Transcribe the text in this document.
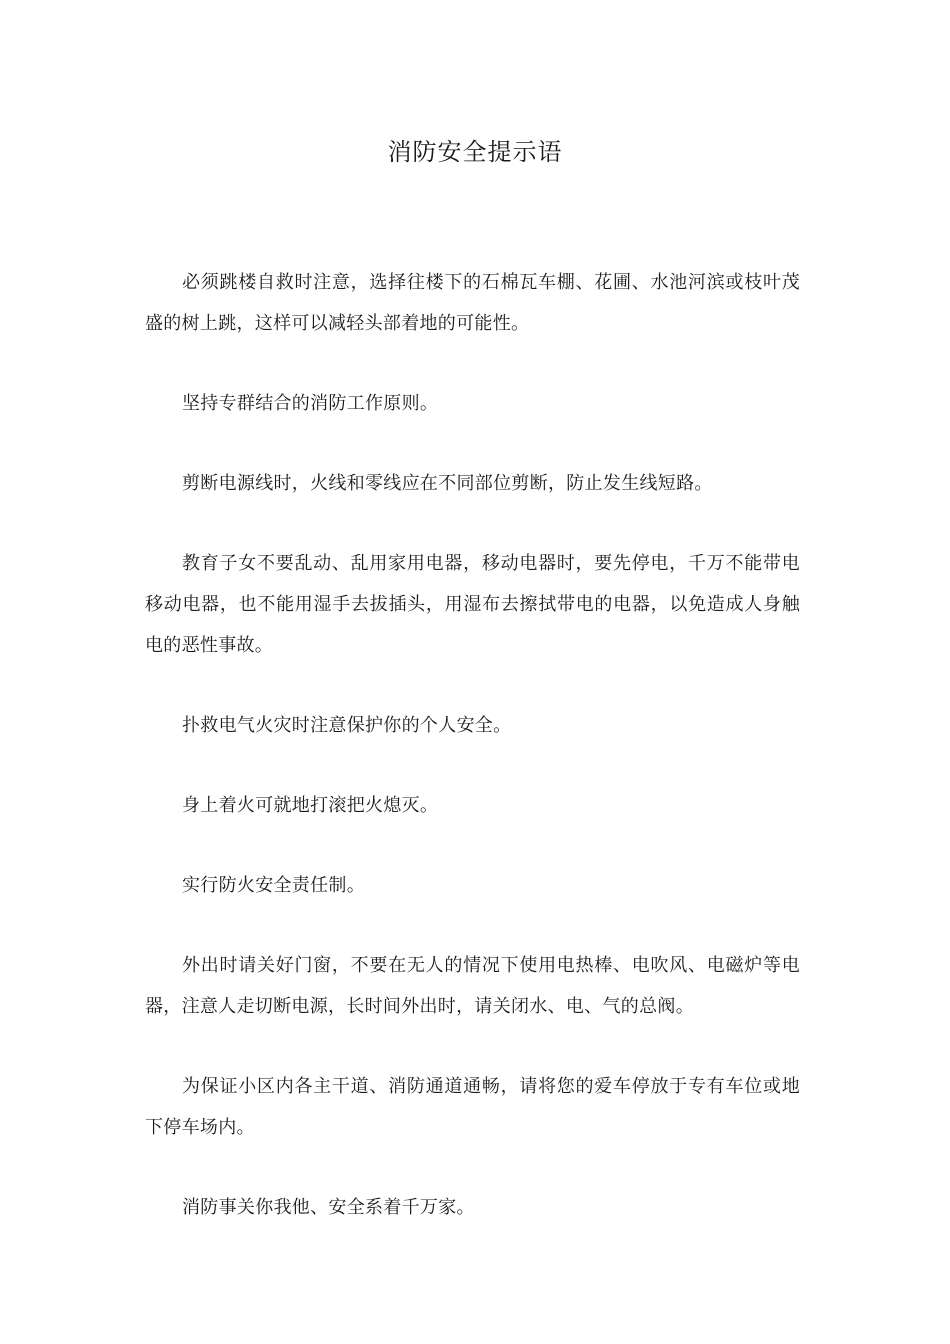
消防安全提示语

必须跳楼自救时注意，选择往楼下的石棉瓦车棚、花圃、水池河滨或枝叶茂盛的树上跳，这样可以减轻头部着地的可能性。

坚持专群结合的消防工作原则。

剪断电源线时，火线和零线应在不同部位剪断，防止发生线短路。

教育子女不要乱动、乱用家用电器，移动电器时，要先停电，千万不能带电移动电器，也不能用湿手去拔插头，用湿布去擦拭带电的电器，以免造成人身触电的恶性事故。

扑救电气火灾时注意保护你的个人安全。

身上着火可就地打滚把火熄灭。

实行防火安全责任制。

外出时请关好门窗，不要在无人的情况下使用电热棒、电吹风、电磁炉等电器，注意人走切断电源，长时间外出时，请关闭水、电、气的总阀。

为保证小区内各主干道、消防通道通畅，请将您的爱车停放于专有车位或地下停车场内。

消防事关你我他、安全系着千万家。
